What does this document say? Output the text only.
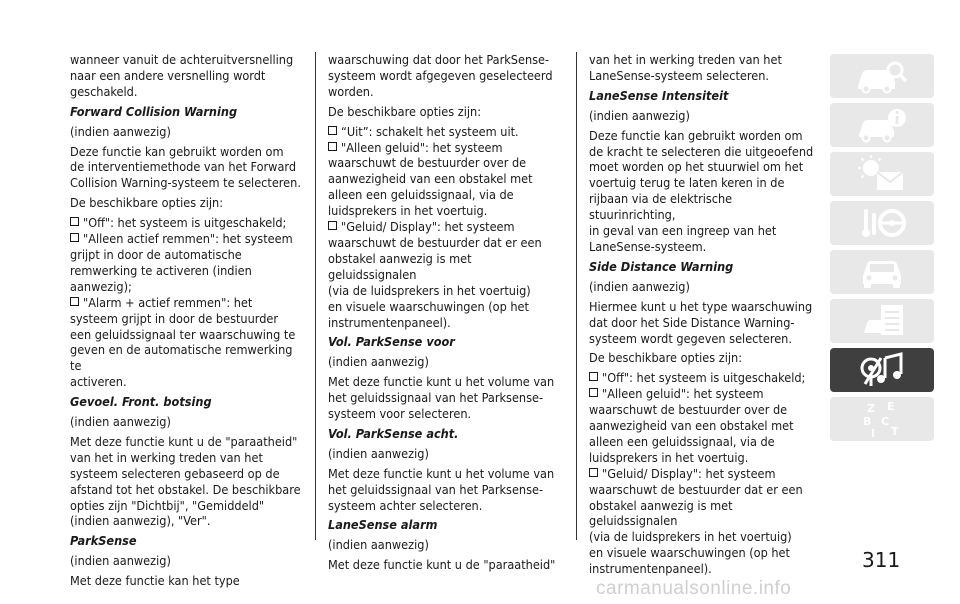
wanneer vanuit de achteruitversnelling
naar een andere versnelling wordt
geschakeld.
Forward Collision Warning
(indien aanwezig)
Deze functie kan gebruikt worden om
de interventiemethode van het Forward
Collision Warning-systeem te selecteren.
De beschikbare opties zijn:
"Off": het systeem is uitgeschakeld;
"Alleen actief remmen": het systeem
grijpt in door de automatische
remwerking te activeren (indien
aanwezig);
"Alarm + actief remmen": het
systeem grijpt in door de bestuurder
een geluidssignaal ter waarschuwing te
geven en de automatische remwerking te
activeren.
Gevoel. Front. botsing
(indien aanwezig)
Met deze functie kunt u de "paraatheid"
van het in werking treden van het
systeem selecteren gebaseerd op de
afstand tot het obstakel. De beschikbare
opties zijn "Dichtbij", "Gemiddeld"
(indien aanwezig), "Ver".
ParkSense
(indien aanwezig)
Met deze functie kan het type
waarschuwing dat door het ParkSense-
systeem wordt afgegeven geselecteerd
worden.
De beschikbare opties zijn:
“Uit”: schakelt het systeem uit.
"Alleen geluid": het systeem
waarschuwt de bestuurder over de
aanwezigheid van een obstakel met
alleen een geluidssignaal, via de
luidsprekers in het voertuig.
"Geluid/ Display": het systeem
waarschuwt de bestuurder dat er een
obstakel aanwezig is met geluidssignalen
(via de luidsprekers in het voertuig)
en visuele waarschuwingen (op het
instrumentenpaneel).
Vol. ParkSense voor
(indien aanwezig)
Met deze functie kunt u het volume van
het geluidssignaal van het Parksense-
systeem voor selecteren.
Vol. ParkSense acht.
(indien aanwezig)
Met deze functie kunt u het volume van
het geluidssignaal van het Parksense-
systeem achter selecteren.
LaneSense alarm
(indien aanwezig)
Met deze functie kunt u de "paraatheid"
van het in werking treden van het
LaneSense-systeem selecteren.
LaneSense Intensiteit
(indien aanwezig)
Deze functie kan gebruikt worden om
de kracht te selecteren die uitgeoefend
moet worden op het stuurwiel om het
voertuig terug te laten keren in de
rijbaan via de elektrische stuurinrichting,
in geval van een ingreep van het
LaneSense-systeem.
Side Distance Warning
(indien aanwezig)
Hiermee kunt u het type waarschuwing
dat door het Side Distance Warning-
systeem wordt gegeven selecteren.
De beschikbare opties zijn:
"Off": het systeem is uitgeschakeld;
"Alleen geluid": het systeem
waarschuwt de bestuurder over de
aanwezigheid van een obstakel met
alleen een geluidssignaal, via de
luidsprekers in het voertuig.
"Geluid/ Display": het systeem
waarschuwt de bestuurder dat er een
obstakel aanwezig is met geluidssignalen
(via de luidsprekers in het voertuig)
en visuele waarschuwingen (op het
instrumentenpaneel).
Z E
B C
I T
311
carmanualsonline.info
